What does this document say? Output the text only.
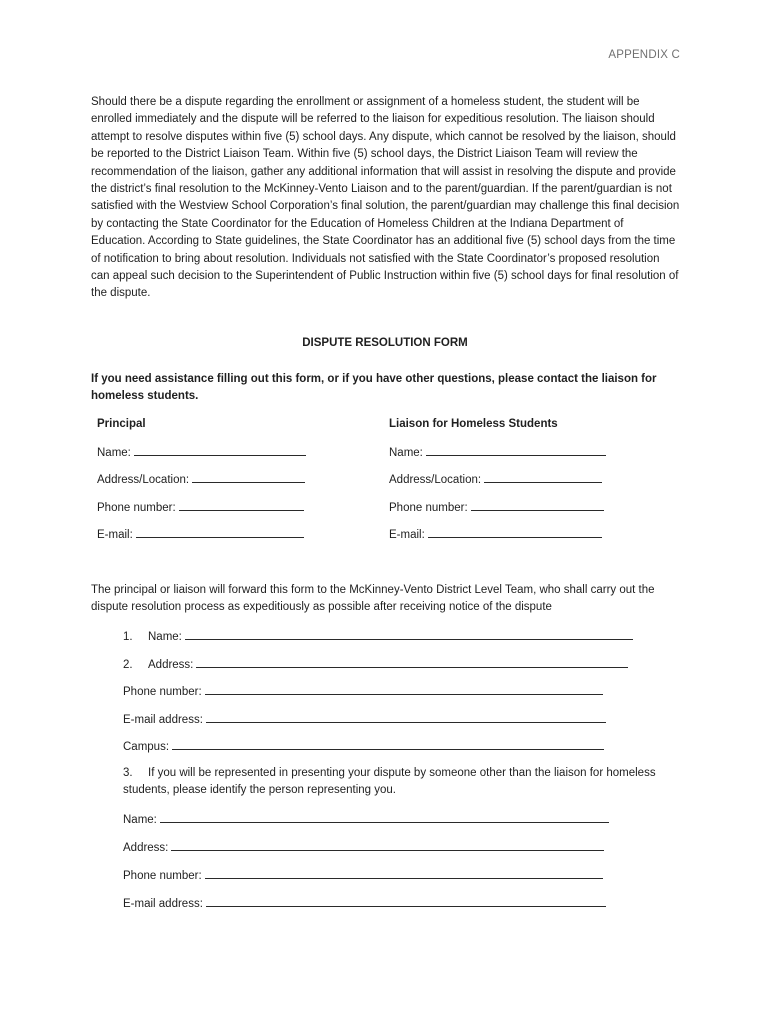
APPENDIX C

Should there be a dispute regarding the enrollment or assignment of a homeless student, the student will be enrolled immediately and the dispute will be referred to the liaison for expeditious resolution. The liaison should attempt to resolve disputes within five (5) school days. Any dispute, which cannot be resolved by the liaison, should be reported to the District Liaison Team. Within five (5) school days, the District Liaison Team will review the recommendation of the liaison, gather any additional information that will assist in resolving the dispute and provide the district’s final resolution to the McKinney-Vento Liaison and to the parent/guardian. If the parent/guardian is not satisfied with the Westview School Corporation’s final solution, the parent/guardian may challenge this final decision by contacting the State Coordinator for the Education of Homeless Children at the Indiana Department of Education. According to State guidelines, the State Coordinator has an additional five (5) school days from the time of notification to bring about resolution. Individuals not satisfied with the State Coordinator’s proposed resolution can appeal such decision to the Superintendent of Public Instruction within five (5) school days for final resolution of the dispute.

DISPUTE RESOLUTION FORM

If you need assistance filling out this form, or if you have other questions, please contact the liaison for homeless students.

Principal
Name:
Address/Location:
Phone number:
E-mail:
Liaison for Homeless Students
Name:
Address/Location:
Phone number:
E-mail:

The principal or liaison will forward this form to the McKinney-Vento District Level Team, who shall carry out the dispute resolution process as expeditiously as possible after receiving notice of the dispute

1. Name:
2. Address:
Phone number:
E-mail address:
Campus:

3. If you will be represented in presenting your dispute by someone other than the liaison for homeless students, please identify the person representing you.

Name:
Address:
Phone number:
E-mail address:
